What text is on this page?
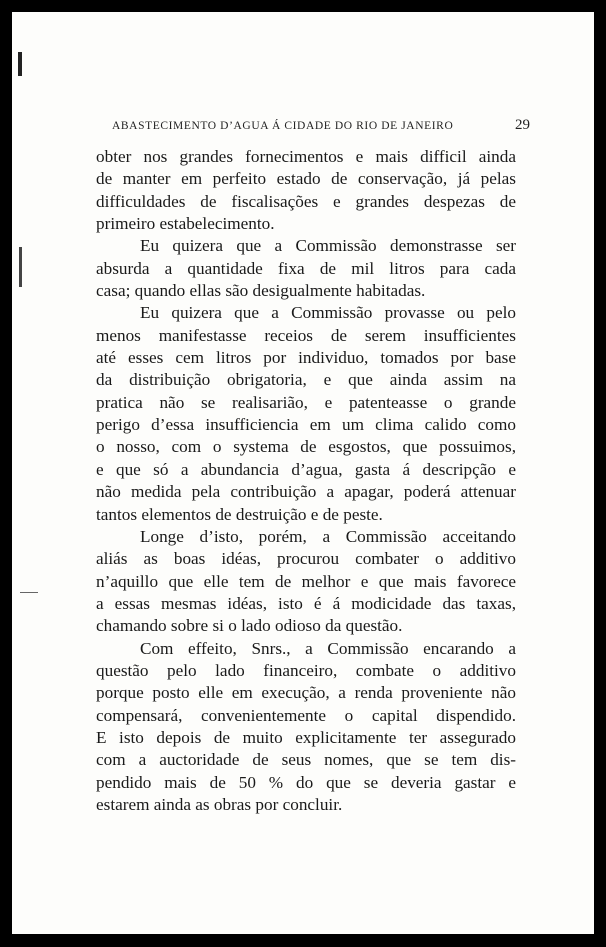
ABASTECIMENTO D’AGUA Á CIDADE DO RIO DE JANEIRO	29

obter nos grandes fornecimentos e mais difficil ainda
de manter em perfeito estado de conservação, já pelas
difficuldades de fiscalisações e grandes despezas de
primeiro estabelecimento.

Eu quizera que a Commissão demonstrasse ser
absurda a quantidade fixa de mil litros para cada
casa; quando ellas são desigualmente habitadas.

Eu quizera que a Commissão provasse ou pelo
menos manifestasse receios de serem insufficientes
até esses cem litros por individuo, tomados por base
da distribuição obrigatoria, e que ainda assim na
pratica não se realisarião, e patenteasse o grande
perigo d’essa insufficiencia em um clima calido como
o nosso, com o systema de esgostos, que possuimos,
e que só a abundancia d’agua, gasta á descripção e
não medida pela contribuição a apagar, poderá attenuar
tantos elementos de destruição e de peste.

Longe d’isto, porém, a Commissão acceitando
aliás as boas idéas, procurou combater o additivo
n’aquillo que elle tem de melhor e que mais favorece
a essas mesmas idéas, isto é á modicidade das taxas,
chamando sobre si o lado odioso da questão.

Com effeito, Snrs., a Commissão encarando a
questão pelo lado financeiro, combate o additivo
porque posto elle em execução, a renda proveniente não
compensará, convenientemente o capital dispendido.
E isto depois de muito explicitamente ter assegurado
com a auctoridade de seus nomes, que se tem dis-
pendido mais de 50 % do que se deveria gastar e
estarem ainda as obras por concluir.
